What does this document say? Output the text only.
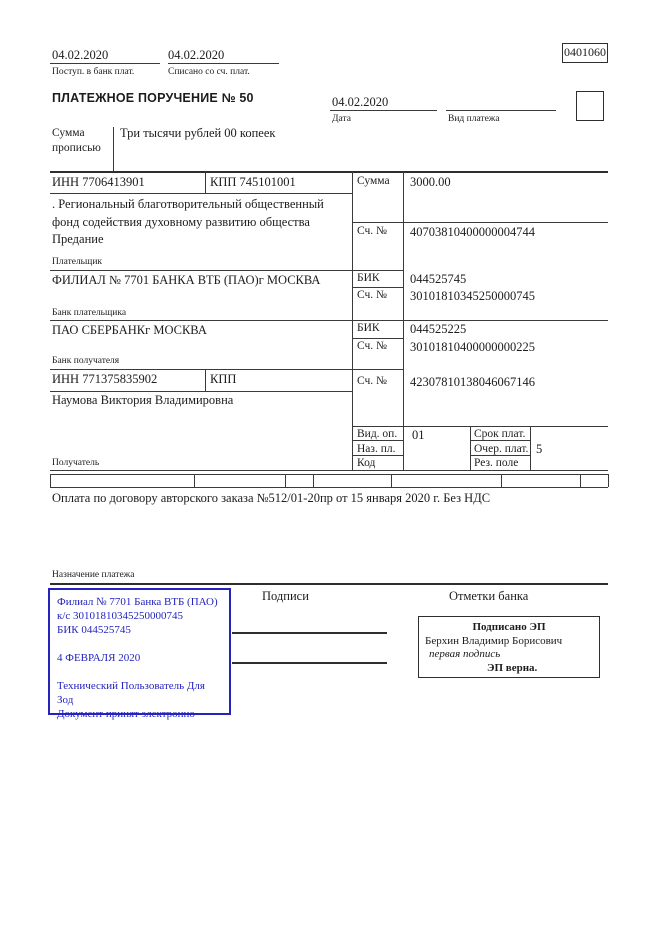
04.02.2020
Поступ. в банк плат.
04.02.2020
Списано со сч. плат.
0401060
ПЛАТЕЖНОЕ ПОРУЧЕНИЕ № 50	04.02.2020
Дата	Вид платежа
Сумма прописью
Три тысячи рублей 00 копеек
ИНН 7706413901	КПП 745101001	Сумма 3000.00
. Региональный благотворительный общественный фонд содействия духовному развитию общества Предание
Сч. № 40703810400000004744
Плательщик
ФИЛИАЛ № 7701 БАНКА ВТБ (ПАО)г МОСКВА	БИК 044525745
Сч. № 30101810345250000745
Банк плательщика
ПАО СБЕРБАНКг МОСКВА	БИК 044525225
Сч. № 30101810400000000225
Банк получателя
ИНН 771375835902	КПП	Сч. № 42307810138046067146
Наумова Виктория Владимировна
Получатель
Вид. оп. 01	Срок плат.
Наз. пл.	Очер. плат. 5
Код	Рез. поле
Оплата по договору авторского заказа №512/01-20пр от 15 января 2020 г. Без НДС
Назначение платежа
Подписи	Отметки банка
Филиал № 7701 Банка ВТБ (ПАО)
к/с 30101810345250000745
БИК 044525745
4 ФЕВРАЛЯ 2020
Технический Пользователь Для
Зод
Документ принят электронно
Подписано ЭП
Берхин Владимир Борисович
первая подпись
ЭП верна.
